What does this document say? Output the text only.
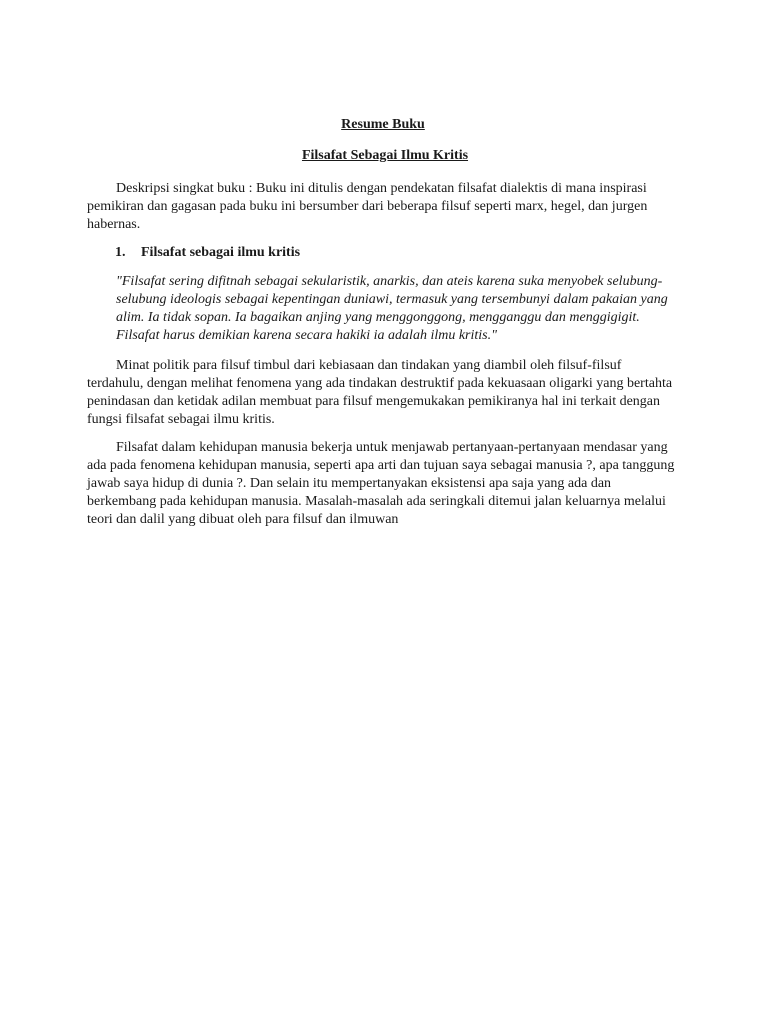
Resume Buku
Filsafat Sebagai Ilmu Kritis

Deskripsi singkat buku : Buku ini ditulis dengan pendekatan filsafat dialektis di mana inspirasi pemikiran dan gagasan pada buku ini bersumber dari beberapa filsuf seperti marx, hegel, dan jurgen habernas.

1.	Filsafat sebagai ilmu kritis
"Filsafat sering difitnah sebagai sekularistik, anarkis, dan ateis karena suka menyobek selubung-selubung ideologis sebagai kepentingan duniawi, termasuk yang tersembunyi dalam pakaian yang alim. Ia tidak sopan. Ia bagaikan anjing yang menggonggong, mengganggu dan menggigigit. Filsafat harus demikian karena secara hakiki ia adalah ilmu kritis."

Minat politik para filsuf timbul dari kebiasaan dan tindakan yang diambil oleh filsuf-filsuf terdahulu, dengan melihat fenomena yang ada tindakan destruktif pada kekuasaan oligarki yang bertahta penindasan dan ketidak adilan membuat para filsuf mengemukakan pemikiranya hal ini terkait dengan fungsi filsafat sebagai ilmu kritis.

Filsafat dalam kehidupan manusia bekerja untuk menjawab pertanyaan-pertanyaan mendasar yang ada pada fenomena kehidupan manusia, seperti apa arti dan tujuan saya sebagai manusia ?, apa tanggung jawab saya hidup di dunia ?. Dan selain itu mempertanyakan eksistensi apa saja yang ada dan berkembang pada kehidupan manusia. Masalah-masalah ada seringkali ditemui jalan keluarnya melalui teori dan dalil yang dibuat oleh para filsuf dan ilmuwan
